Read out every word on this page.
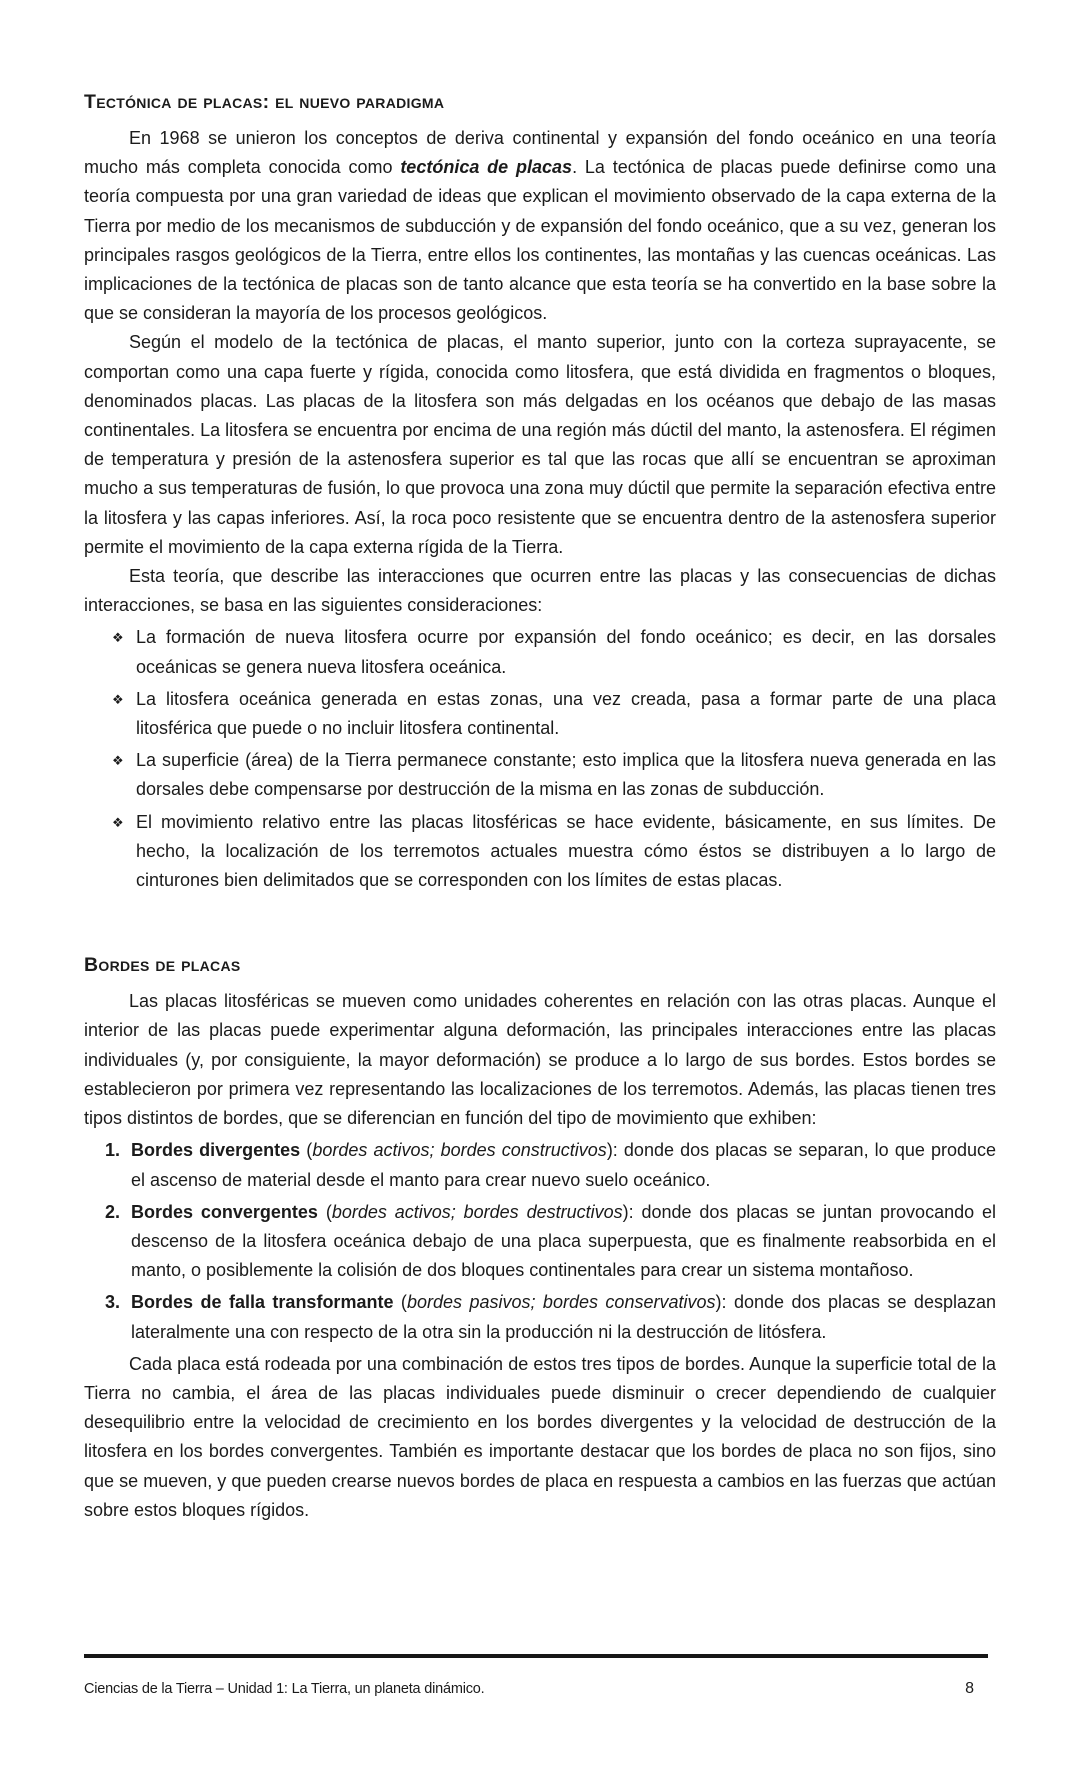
Tectónica de placas: el nuevo paradigma

En 1968 se unieron los conceptos de deriva continental y expansión del fondo oceánico en una teoría mucho más completa conocida como tectónica de placas. La tectónica de placas puede definirse como una teoría compuesta por una gran variedad de ideas que explican el movimiento observado de la capa externa de la Tierra por medio de los mecanismos de subducción y de expansión del fondo oceánico, que a su vez, generan los principales rasgos geológicos de la Tierra, entre ellos los continentes, las montañas y las cuencas oceánicas. Las implicaciones de la tectónica de placas son de tanto alcance que esta teoría se ha convertido en la base sobre la que se consideran la mayoría de los procesos geológicos.

Según el modelo de la tectónica de placas, el manto superior, junto con la corteza suprayacente, se comportan como una capa fuerte y rígida, conocida como litosfera, que está dividida en fragmentos o bloques, denominados placas. Las placas de la litosfera son más delgadas en los océanos que debajo de las masas continentales. La litosfera se encuentra por encima de una región más dúctil del manto, la astenosfera. El régimen de temperatura y presión de la astenosfera superior es tal que las rocas que allí se encuentran se aproximan mucho a sus temperaturas de fusión, lo que provoca una zona muy dúctil que permite la separación efectiva entre la litosfera y las capas inferiores. Así, la roca poco resistente que se encuentra dentro de la astenosfera superior permite el movimiento de la capa externa rígida de la Tierra.

Esta teoría, que describe las interacciones que ocurren entre las placas y las consecuencias de dichas interacciones, se basa en las siguientes consideraciones:

❖ La formación de nueva litosfera ocurre por expansión del fondo oceánico; es decir, en las dorsales oceánicas se genera nueva litosfera oceánica.
❖ La litosfera oceánica generada en estas zonas, una vez creada, pasa a formar parte de una placa litosférica que puede o no incluir litosfera continental.
❖ La superficie (área) de la Tierra permanece constante; esto implica que la litosfera nueva generada en las dorsales debe compensarse por destrucción de la misma en las zonas de subducción.
❖ El movimiento relativo entre las placas litosféricas se hace evidente, básicamente, en sus límites. De hecho, la localización de los terremotos actuales muestra cómo éstos se distribuyen a lo largo de cinturones bien delimitados que se corresponden con los límites de estas placas.
Bordes de placas

Las placas litosféricas se mueven como unidades coherentes en relación con las otras placas. Aunque el interior de las placas puede experimentar alguna deformación, las principales interacciones entre las placas individuales (y, por consiguiente, la mayor deformación) se produce a lo largo de sus bordes. Estos bordes se establecieron por primera vez representando las localizaciones de los terremotos. Además, las placas tienen tres tipos distintos de bordes, que se diferencian en función del tipo de movimiento que exhiben:

1. Bordes divergentes (bordes activos; bordes constructivos): donde dos placas se separan, lo que produce el ascenso de material desde el manto para crear nuevo suelo oceánico.
2. Bordes convergentes (bordes activos; bordes destructivos): donde dos placas se juntan provocando el descenso de la litosfera oceánica debajo de una placa superpuesta, que es finalmente reabsorbida en el manto, o posiblemente la colisión de dos bloques continentales para crear un sistema montañoso.
3. Bordes de falla transformante (bordes pasivos; bordes conservativos): donde dos placas se desplazan lateralmente una con respecto de la otra sin la producción ni la destrucción de litósfera.

Cada placa está rodeada por una combinación de estos tres tipos de bordes. Aunque la superficie total de la Tierra no cambia, el área de las placas individuales puede disminuir o crecer dependiendo de cualquier desequilibrio entre la velocidad de crecimiento en los bordes divergentes y la velocidad de destrucción de la litosfera en los bordes convergentes. También es importante destacar que los bordes de placa no son fijos, sino que se mueven, y que pueden crearse nuevos bordes de placa en respuesta a cambios en las fuerzas que actúan sobre estos bloques rígidos.

Ciencias de la Tierra – Unidad 1: La Tierra, un planeta dinámico.	8
